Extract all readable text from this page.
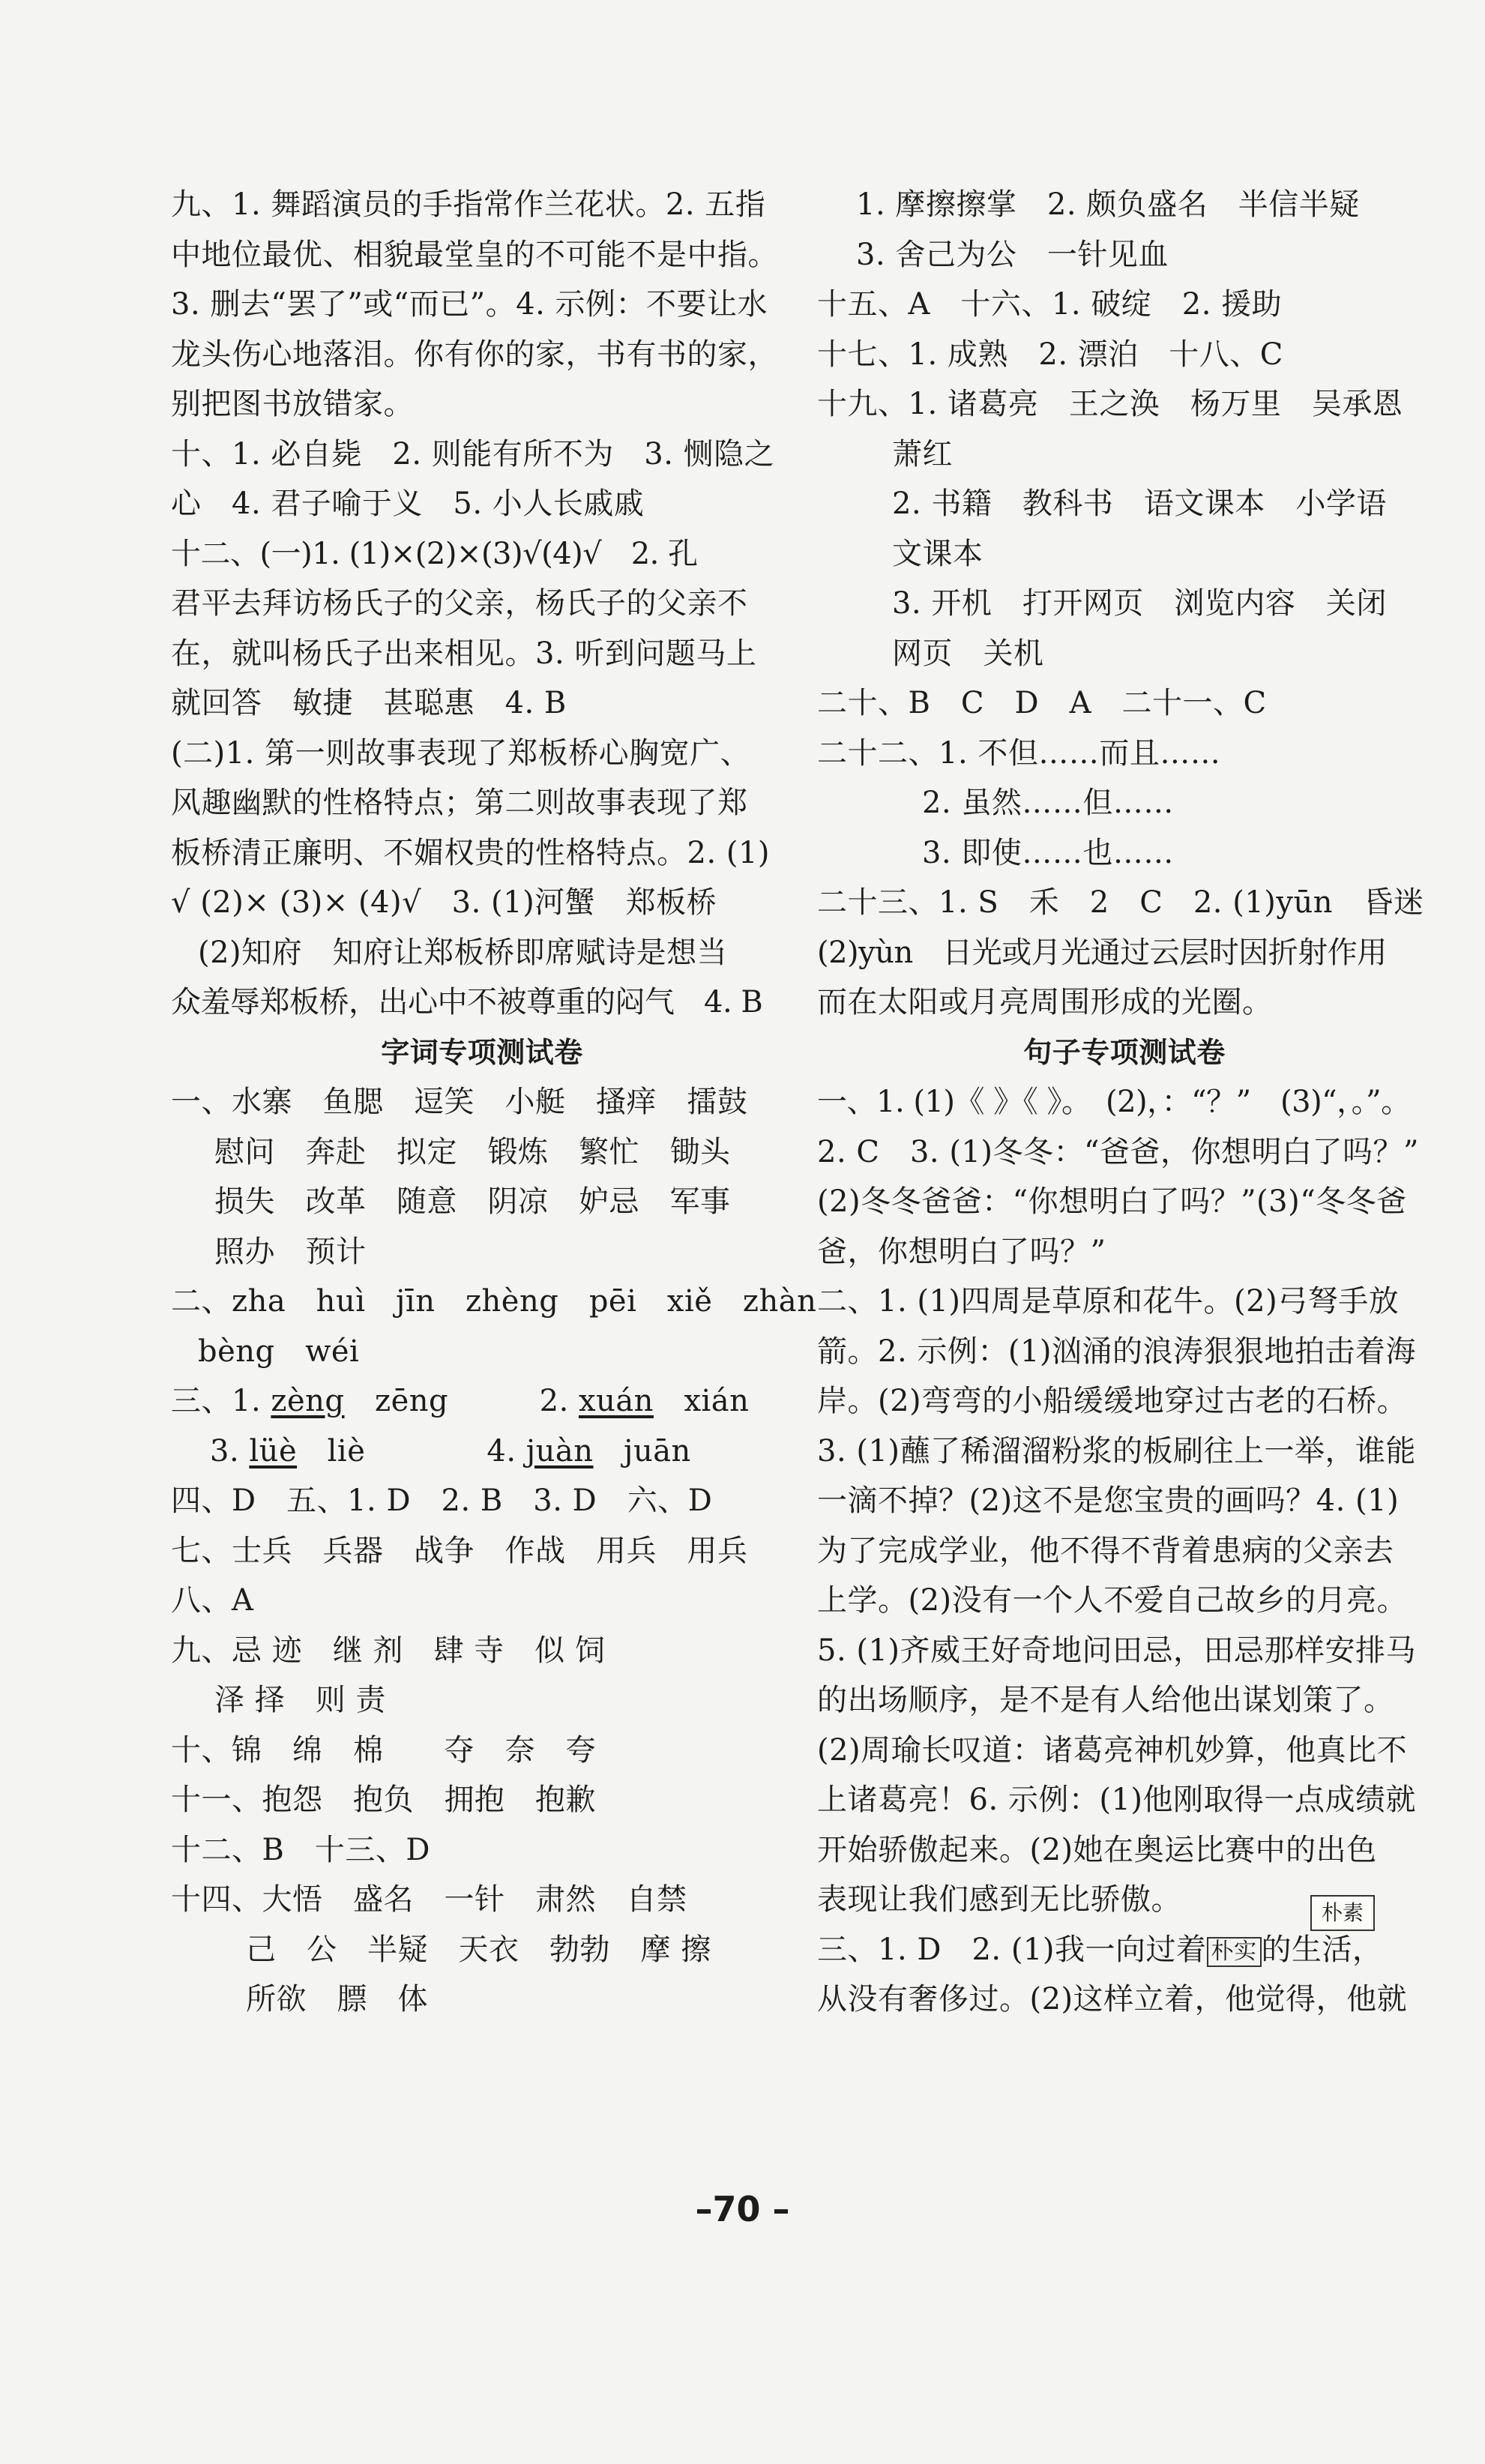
九、1. 舞蹈演员的手指常作兰花状。2. 五指
中地位最优、相貌最堂皇的不可能不是中指。
3. 删去“罢了”或“而已”。4. 示例：不要让水
龙头伤心地落泪。你有你的家，书有书的家，
别把图书放错家。
十、1. 必自毙　2. 则能有所不为　3. 恻隐之
心　4. 君子喻于义　5. 小人长戚戚
十二、(一)1. (1)×(2)×(3)√(4)√　2. 孔
君平去拜访杨氏子的父亲，杨氏子的父亲不
在，就叫杨氏子出来相见。3. 听到问题马上
就回答　敏捷　甚聪惠　4. B
(二)1. 第一则故事表现了郑板桥心胸宽广、
风趣幽默的性格特点；第二则故事表现了郑
板桥清正廉明、不媚权贵的性格特点。2. (1)
√ (2)× (3)× (4)√　3. (1)河蟹　郑板桥
(2)知府　知府让郑板桥即席赋诗是想当
众羞辱郑板桥，出心中不被尊重的闷气　4. B
字词专项测试卷
一、水寨　鱼腮　逗笑　小艇　搔痒　擂鼓
慰问　奔赴　拟定　锻炼　繁忙　锄头
损失　改革　随意　阴凉　妒忌　军事
照办　预计
二、zha　huì　jīn　zhèng　pēi　xiě　zhàn
bèng　wéi
三、1. zèng　zēng　　　2. xuán　xián
3. lüè　liè　　　　4. juàn　juān
四、D　五、1. D　2. B　3. D　六、D
七、士兵　兵器　战争　作战　用兵　用兵
八、A
九、忌 迹　继 剂　肆 寺　似 饲
泽 择　则 责
十、锦　绵　棉　　夺　奈　夸
十一、抱怨　抱负　拥抱　抱歉
十二、B　十三、D
十四、大悟　盛名　一针　肃然　自禁
己　公　半疑　天衣　勃勃　摩 擦
所欲　膘　体
1. 摩擦擦掌　2. 颇负盛名　半信半疑
3. 舍己为公　一针见血
十五、A　十六、1. 破绽　2. 援助
十七、1. 成熟　2. 漂泊　十八、C
十九、1. 诸葛亮　王之涣　杨万里　吴承恩
萧红
2. 书籍　教科书　语文课本　小学语
文课本
3. 开机　打开网页　浏览内容　关闭
网页　关机
二十、B　C　D　A　二十一、C
二十二、1. 不但……而且……
2. 虽然……但……
3. 即使……也……
二十三、1. S　禾　2　C　2. (1)yūn　昏迷
(2)yùn　日光或月光通过云层时因折射作用
而在太阳或月亮周围形成的光圈。
句子专项测试卷
一、1. (1)《 》《 》。　(2)，：“？”　(3)“，。”。
2. C　3. (1)冬冬：“爸爸，你想明白了吗？”
(2)冬冬爸爸：“你想明白了吗？”(3)“冬冬爸
爸，你想明白了吗？”
二、1. (1)四周是草原和花牛。(2)弓弩手放
箭。2. 示例：(1)汹涌的浪涛狠狠地拍击着海
岸。(2)弯弯的小船缓缓地穿过古老的石桥。
3. (1)蘸了稀溜溜粉浆的板刷往上一举，谁能
一滴不掉？(2)这不是您宝贵的画吗？4. (1)
为了完成学业，他不得不背着患病的父亲去
上学。(2)没有一个人不爱自己故乡的月亮。
5. (1)齐威王好奇地问田忌，田忌那样安排马
的出场顺序，是不是有人给他出谋划策了。
(2)周瑜长叹道：诸葛亮神机妙算，他真比不
上诸葛亮！6. 示例：(1)他刚取得一点成绩就
开始骄傲起来。(2)她在奥运比赛中的出色
表现让我们感到无比骄傲。
三、1. D　2. (1)我一向过着 朴实 的生活，
从没有奢侈过。(2)这样立着，他觉得，他就
朴素
–70 –
